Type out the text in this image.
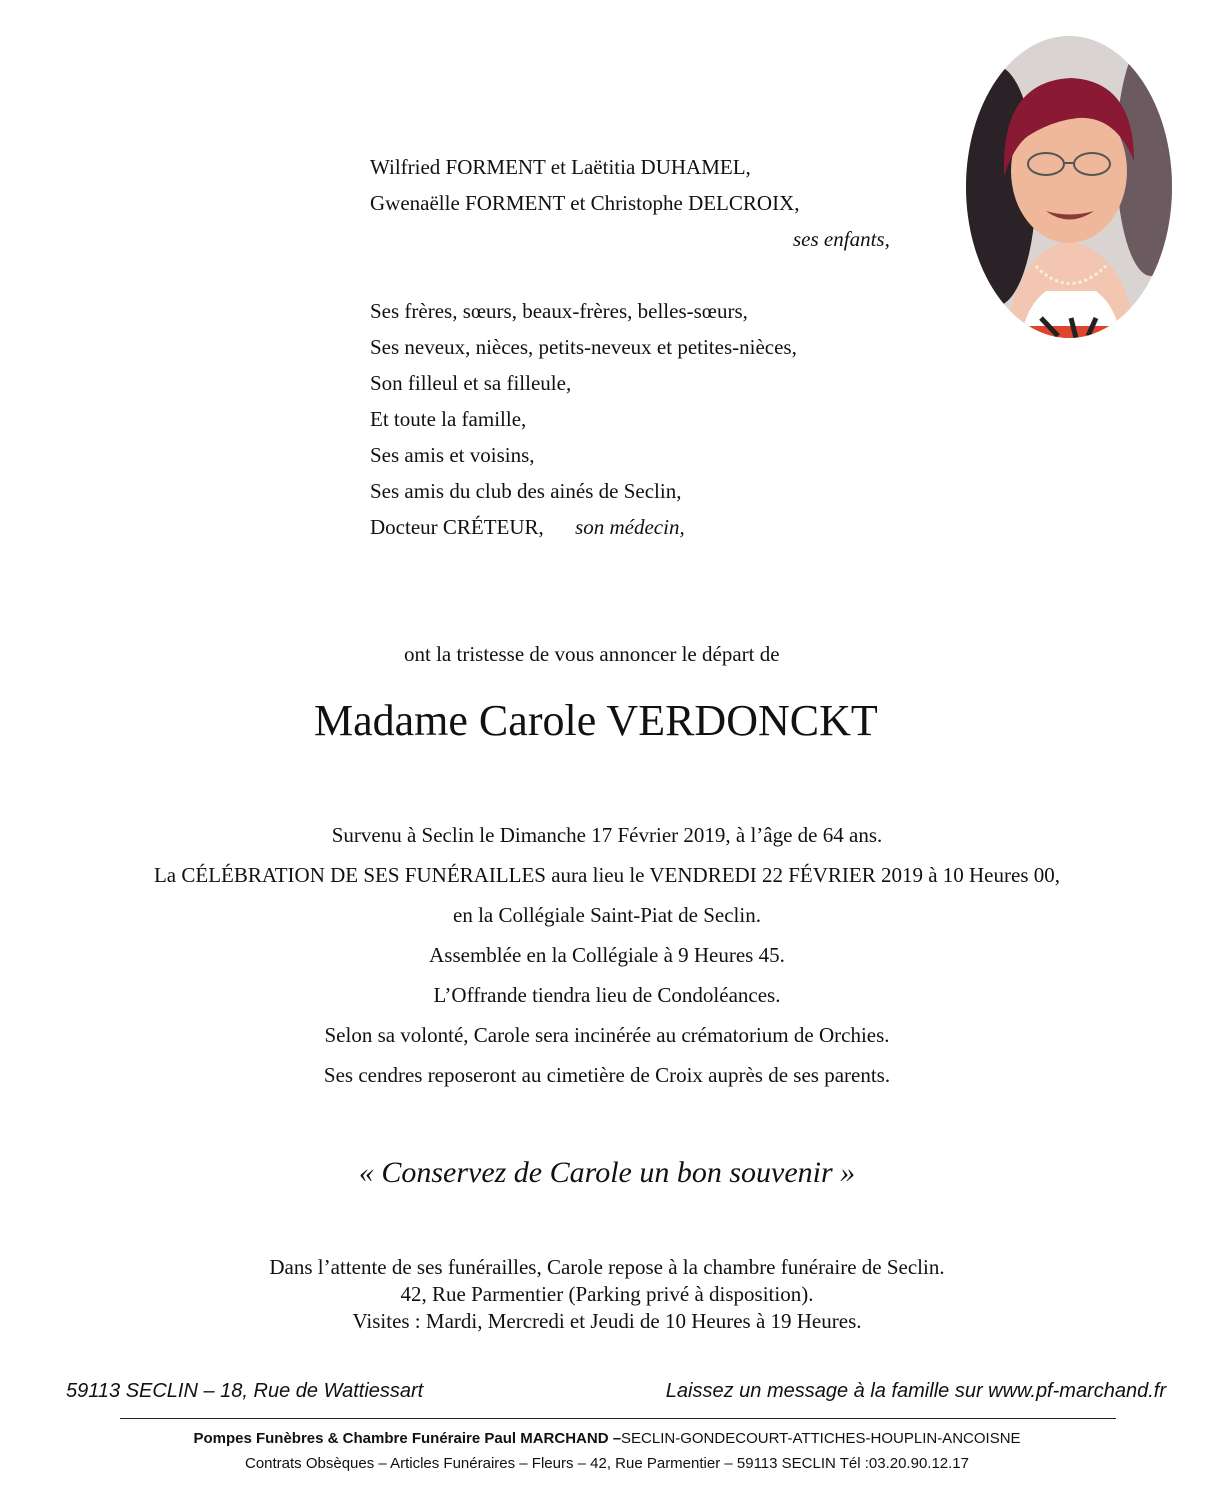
Wilfried FORMENT et Laëtitia DUHAMEL,
Gwenaëlle FORMENT et Christophe DELCROIX,
ses enfants,
Ses frères, sœurs, beaux-frères, belles-sœurs,
Ses neveux, nièces, petits-neveux et petites-nièces,
Son filleul et sa filleule,
Et toute la famille,
Ses amis et voisins,
Ses amis du club des ainés de Seclin,
Docteur CRÉTEUR, son médecin,
ont la tristesse de vous annoncer le départ de
Madame Carole VERDONCKT
Survenu à Seclin le Dimanche 17 Février 2019, à l’âge de 64 ans.
La CÉLÉBRATION DE SES FUNÉRAILLES aura lieu le VENDREDI 22 FÉVRIER 2019 à 10 Heures 00,
en la Collégiale Saint-Piat de Seclin.
Assemblée en la Collégiale à 9 Heures 45.
L’Offrande tiendra lieu de Condoléances.
Selon sa volonté, Carole sera incinérée au crématorium de Orchies.
Ses cendres reposeront au cimetière de Croix auprès de ses parents.
« Conservez de Carole un bon souvenir »
Dans l’attente de ses funérailles, Carole repose à la chambre funéraire de Seclin.
42, Rue Parmentier (Parking privé à disposition).
Visites : Mardi, Mercredi et Jeudi de 10 Heures à 19 Heures.
59113 SECLIN – 18, Rue de Wattiessart	Laissez un message à la famille sur www.pf-marchand.fr
Pompes Funèbres & Chambre Funéraire Paul MARCHAND –SECLIN-GONDECOURT-ATTICHES-HOUPLIN-ANCOISNE
Contrats Obsèques – Articles Funéraires – Fleurs – 42, Rue Parmentier – 59113 SECLIN Tél :03.20.90.12.17
